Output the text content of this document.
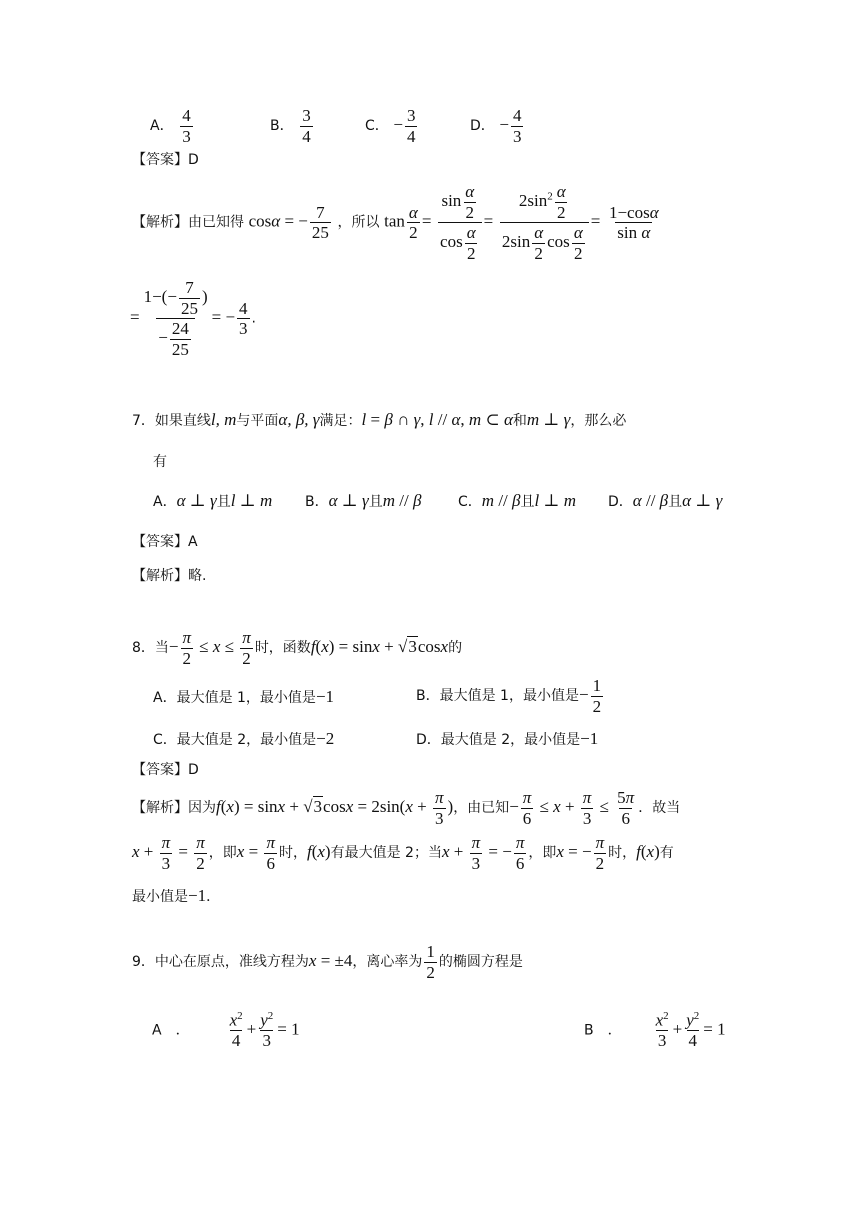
A． $\frac{4}{3}$	B． $\frac{3}{4}$	C． − $\frac{3}{4}$	D． − $\frac{4}{3}$
【答案】D
【解析】由已知得 cosα = − $\frac{7}{25}$ ，所以 $\tan \frac{\alpha}{2} = \frac{\sin \frac{\alpha}{2}}{\cos \frac{\alpha}{2}} = \frac{2\sin^2 \frac{\alpha}{2}}{2\sin \frac{\alpha}{2} \cos \frac{\alpha}{2}} = \frac{1-\cos\alpha}{\text{sin α}}$
= $\frac{1-(- \frac{7}{25} )}{- \frac{24}{25}}$ = − $\frac{4}{3}$ .
7．如果直线l, m与平面α, β, γ满足：l = β ∩ γ, l // α, m ⊂ α和m ⊥ γ，那么必
有
A．α ⊥ γ且l ⊥ m B．α ⊥ γ且m // β	C．m // β且l ⊥ m D．α // β且α ⊥ γ
【答案】A
【解析】略.
8．当− $\frac{\pi}{2} \le x \le \frac{\pi}{2}$ 时，函数f(x) = sinx + √3cosx的
A．最大值是 1，最小值是−1	B．最大值是 1，最小值是− $\frac{1}{2}$
C．最大值是 2，最小值是−2	D．最大值是 2，最小值是−1
【答案】D
【解析】因为$f(x) = \sin x + √3\cos x = 2\sin(x + \frac{\pi}{3}$ )，由已知− $\frac{\pi}{6} \le x + \frac{\pi}{3} \le \frac{5\pi}{6}$ ．故当
$x + \frac{\pi}{3} = \frac{\pi}{2}$ ，即$x = \frac{\pi}{6}$ 时，f(x)有最大值是 2；当$x + \frac{\pi}{3}$ = − $\frac{\pi}{6}$ ，即x = − $\frac{\pi}{2}$ 时，f(x)有
最小值是−1．
9．中心在原点，准线方程为x = ±4，离心率为 $\frac{1}{2}$ 的椭圆方程是
A　． $\frac{x^2}{4} + \frac{y^2}{3} = 1$	B　． $\frac{x^2}{3} + \frac{y^2}{4} = 1$
